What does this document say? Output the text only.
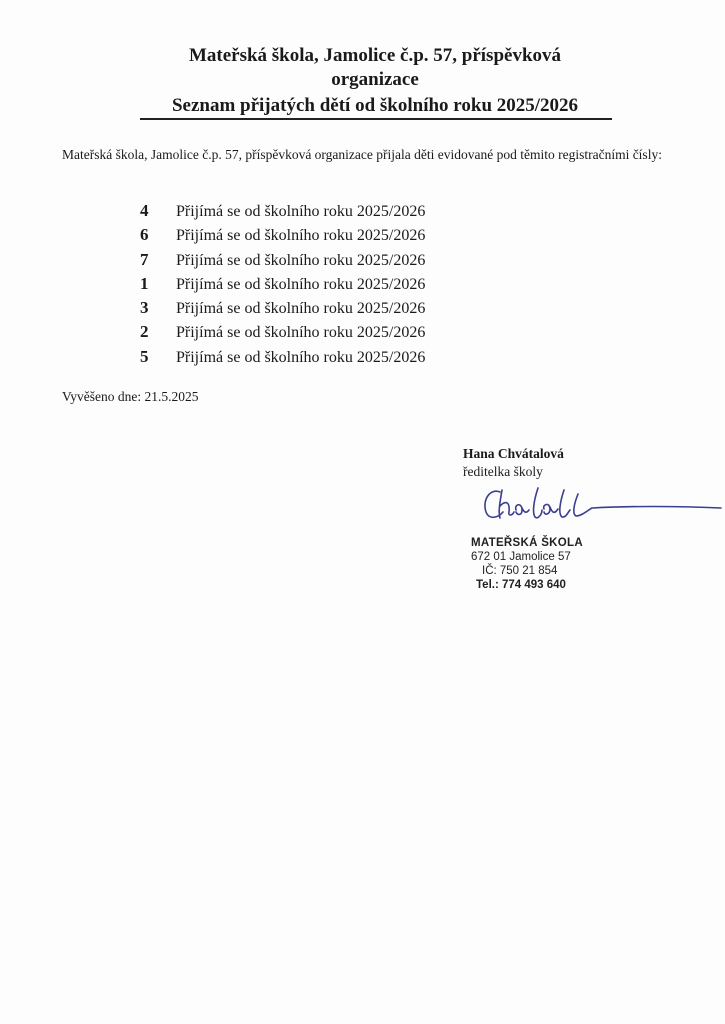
Mateřská škola, Jamolice č.p. 57, příspěvková
organizace
Seznam přijatých dětí od školního roku 2025/2026
Mateřská škola, Jamolice č.p. 57, příspěvková organizace přijala děti evidované pod těmito registračními čísly:
4	Přijímá se od školního roku 2025/2026
6	Přijímá se od školního roku 2025/2026
7	Přijímá se od školního roku 2025/2026
1	Přijímá se od školního roku 2025/2026
3	Přijímá se od školního roku 2025/2026
2	Přijímá se od školního roku 2025/2026
5	Přijímá se od školního roku 2025/2026
Vyvěšeno dne: 21.5.2025
Hana Chvátalová
ředitelka školy
MATEŘSKÁ ŠKOLA
672 01 Jamolice 57
IČ: 750 21 854
Tel.: 774 493 640
